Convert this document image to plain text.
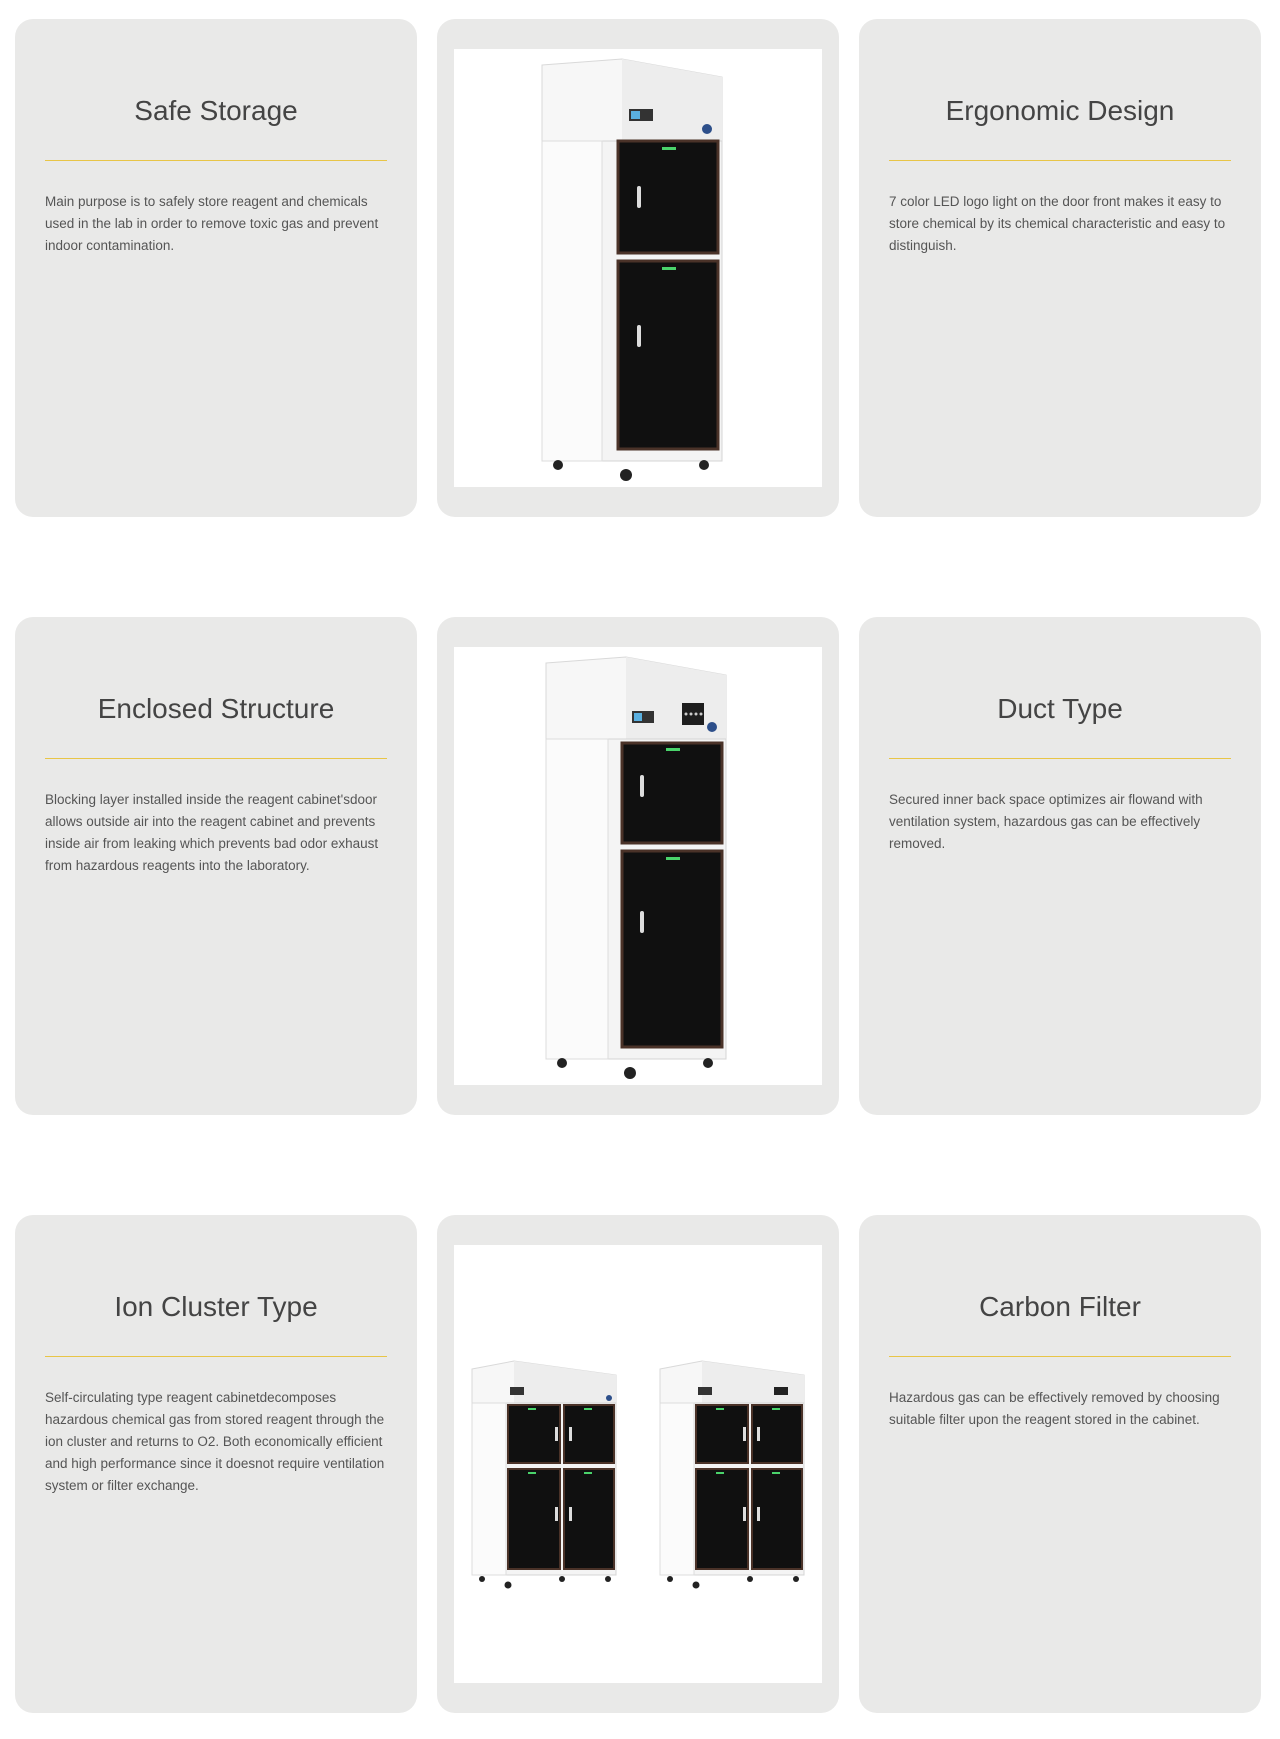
Safe Storage

Main purpose is to safely store reagent and chemicals used in the lab in order to remove toxic gas and prevent indoor contamination.

Ergonomic Design

7 color LED logo light on the door front makes it easy to store chemical by its chemical characteristic and easy to distinguish.

Enclosed Structure

Blocking layer installed inside the reagent cabinet'sdoor allows outside air into the reagent cabinet and prevents inside air from leaking which prevents bad odor exhaust from hazardous reagents into the laboratory.

Duct Type

Secured inner back space optimizes air flowand with ventilation system, hazardous gas can be effectively removed.

Ion Cluster Type

Self-circulating type reagent cabinetdecomposes hazardous chemical gas from stored reagent through the ion cluster and returns to O2. Both economically efficient and high performance since it doesnot require ventilation system or filter exchange.

Carbon Filter

Hazardous gas can be effectively removed by choosing suitable filter upon the reagent stored in the cabinet.
